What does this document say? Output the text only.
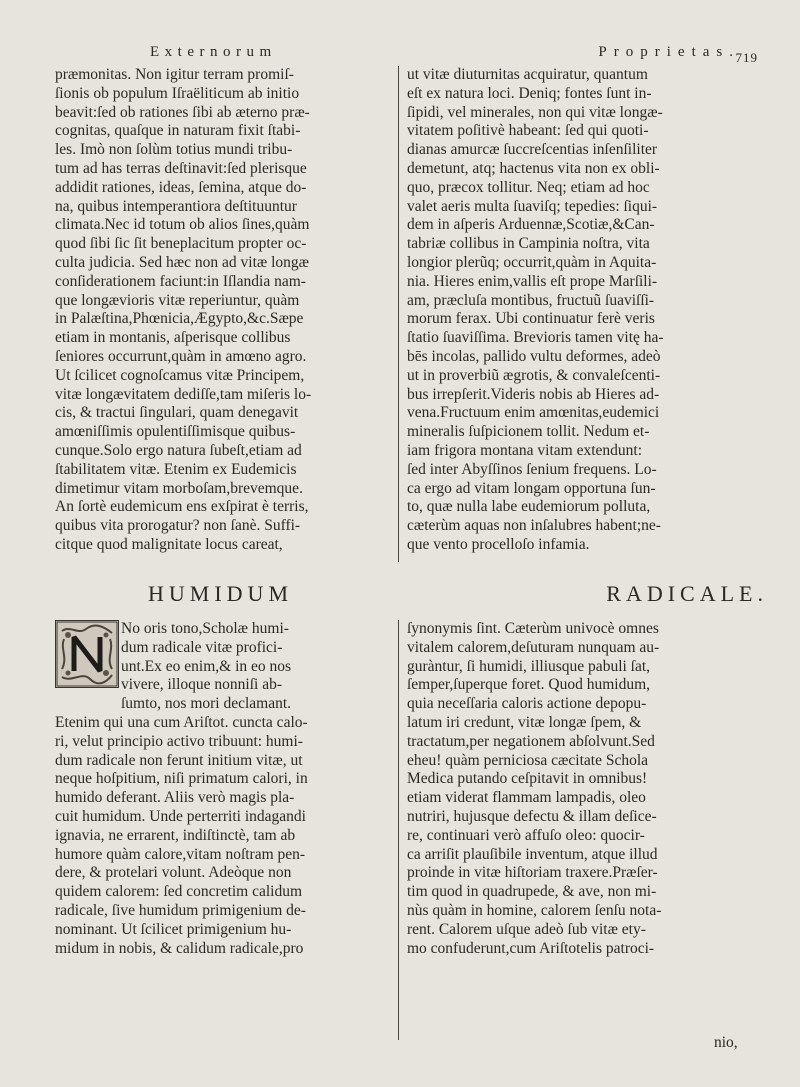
Externorum	Proprietas.
719
præmonitas. Non igitur terram promiſ-
ſionis ob populum Iſraëliticum ab initio
beavit:ſed ob rationes ſibi ab æterno præ-
cognitas, quaſque in naturam fixit ſtabi-
les. Imò non ſolùm totius mundi tribu-
tum ad has terras deſtinavit:ſed plerisque
addidit rationes, ideas, ſemina, atque do-
na, quibus intemperantiora deſtituuntur
climata.Nec id totum ob alios ſines,quàm
quod ſibi ſic ſit beneplacitum propter oc-
culta judicia. Sed hæc non ad vitæ longæ
conſiderationem faciunt:in Iſlandia nam-
que longævioris vitæ reperiuntur, quàm
in Palæſtina,Phœnicia,Ægypto,&c.Sæpe
etiam in montanis, aſperisque collibus
ſeniores occurrunt,quàm in amœno agro.
Ut ſcilicet cognoſcamus vitæ Principem,
vitæ longævitatem dediſſe,tam miſeris lo-
cis, & tractui ſingulari, quam denegavit
amœniſſimis opulentiſſimisque quibus-
cunque.Solo ergo natura ſubeſt,etiam ad
ſtabilitatem vitæ. Etenim ex Eudemicis
dimetimur vitam morboſam,brevemque.
An ſortè eudemicum ens exſpirat è terris,
quibus vita prorogatur? non ſanè. Suffi-
citque quod malignitate locus careat,
ut vitæ diuturnitas acquiratur, quantum
eſt ex natura loci. Deniq; fontes ſunt in-
ſipidi, vel minerales, non qui vitæ longæ-
vitatem poſitivè habeant: ſed qui quoti-
dianas amurcæ ſuccreſcentias inſenſiliter
demetunt, atq; hactenus vita non ex obli-
quo, præcox tollitur. Neq; etiam ad hoc
valet aeris multa ſuaviſq; tepedies: ſiqui-
dem in aſperis Arduennæ,Scotiæ,&Can-
tabriæ collibus in Campinia noſtra, vita
longior plerũq; occurrit,quàm in Aquita-
nia. Hieres enim,vallis eſt prope Marſili-
am, præcluſa montibus, fructuũ ſuaviſſi-
morum ferax. Ubi continuatur ferè veris
ſtatio ſuaviſſima. Brevioris tamen vitę ha-
bēs incolas, pallido vultu deformes, adeò
ut in proverbiũ ægrotis, & convaleſcenti-
bus irrepſerit.Videris nobis ab Hieres ad-
vena.Fructuum enim amœnitas,eudemici
mineralis ſuſpicionem tollit. Nedum et-
iam frigora montana vitam extendunt:
ſed inter Abyſſinos ſenium frequens. Lo-
ca ergo ad vitam longam opportuna ſun-
to, quæ nulla labe eudemiorum polluta,
cæterùm aquas non inſalubres habent;ne-
que vento procelloſo infamia.
HUMIDUM	RADICALE.
No oris tono,Scholæ humi-
dum radicale vitæ profici-
unt.Ex eo enim,& in eo nos
vivere, illoque nonniſi ab-
ſumto, nos mori declamant.
Etenim qui una cum Ariſtot. cuncta calo-
ri, velut principio activo tribuunt: humi-
dum radicale non ferunt initium vitæ, ut
neque hoſpitium, niſi primatum calori, in
humido deferant. Aliis verò magis pla-
cuit humidum. Unde perterriti indagandi
ignavia, ne errarent, indiſtinctè, tam ab
humore quàm calore,vitam noſtram pen-
dere, & protelari volunt. Adeòque non
quidem calorem: ſed concretim calidum
radicale, ſive humidum primigenium de-
nominant. Ut ſcilicet primigenium hu-
midum in nobis, & calidum radicale,pro
ſynonymis ſint. Cæterùm univocè omnes
vitalem calorem,deſuturam nunquam au-
guràntur, ſi humidi, illiusque pabuli ſat,
ſemper,ſuperque foret. Quod humidum,
quia neceſſaria caloris actione depopu-
latum iri credunt, vitæ longæ ſpem, &
tractatum,per negationem abſolvunt.Sed
eheu! quàm perniciosa cæcitate Schola
Medica putando ceſpitavit in omnibus!
etiam viderat flammam lampadis, oleo
nutriri, hujusque defectu & illam deſice-
re, continuari verò affuſo oleo: quocir-
ca arriſit plauſibile inventum, atque illud
proinde in vitæ hiſtoriam traxere.Præſer-
tim quod in quadrupede, & ave, non mi-
nùs quàm in homine, calorem ſenſu nota-
rent. Calorem uſque adeò ſub vitæ ety-
mo confuderunt,cum Ariſtotelis patroci-
nio,
